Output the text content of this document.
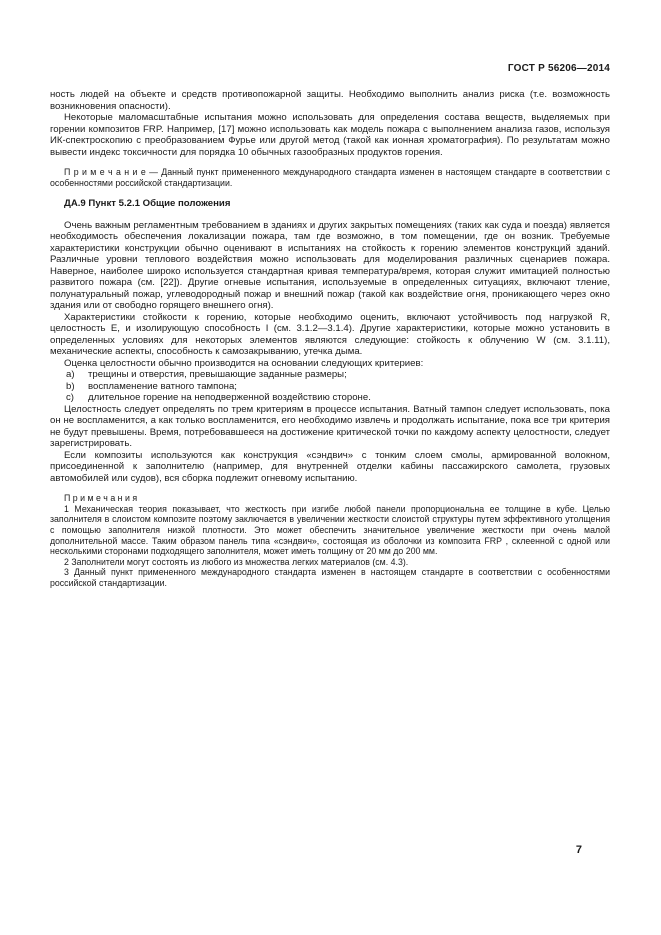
ГОСТ Р 56206—2014

ность людей на объекте и средств противопожарной защиты. Необходимо выполнить анализ риска (т.е. возможность возникновения опасности).

Некоторые маломасштабные испытания можно использовать для определения состава веществ, выделяемых при горении композитов FRP. Например, [17] можно использовать как модель пожара с выполнением анализа газов, используя ИК-спектроскопию с преобразованием Фурье или другой метод (такой как ионная хроматография). По результатам можно вывести индекс токсичности для порядка 10 обычных газообразных продуктов горения.

П р и м е ч а н и е — Данный пункт примененного международного стандарта изменен в настоящем стандарте в соответствии с особенностями российской стандартизации.

ДА.9 Пункт 5.2.1 Общие положения

Очень важным регламентным требованием в зданиях и других закрытых помещениях (таких как суда и поезда) является необходимость обеспечения локализации пожара, там где возможно, в том помещении, где он возник. Требуемые характеристики конструкции обычно оценивают в испытаниях на стойкость к горению элементов конструкций зданий. Различные уровни теплового воздействия можно использовать для моделирования различных сценариев пожара. Наверное, наиболее широко используется стандартная кривая температура/время, которая служит имитацией полностью развитого пожара (см. [22]). Другие огневые испытания, используемые в определенных ситуациях, включают тление, полунатуральный пожар, углеводородный пожар и внешний пожар (такой как воздействие огня, проникающего через окно здания или от свободно горящего внешнего огня).

Характеристики стойкости к горению, которые необходимо оценить, включают устойчивость под нагрузкой R, целостность Е, и изолирующую способность I (см. 3.1.2—3.1.4). Другие характеристики, которые можно установить в определенных условиях для некоторых элементов являются следующие: стойкость к облучению W (см. 3.1.11), механические аспекты, способность к самозакрыванию, утечка дыма.

Оценка целостности обычно производится на основании следующих критериев:

a)	трещины и отверстия, превышающие заданные размеры;
b)	воспламенение ватного тампона;
c)	длительное горение на неподверженной воздействию стороне.

Целостность следует определять по трем критериям в процессе испытания. Ватный тампон следует использовать, пока он не воспламенится, а как только воспламенится, его необходимо извлечь и продолжать испытание, пока все три критерия не будут превышены. Время, потребовавшееся на достижение критической точки по каждому аспекту целостности, следует зарегистрировать.

Если композиты используются как конструкция «сэндвич» с тонким слоем смолы, армированной волокном, присоединенной к заполнителю (например, для внутренней отделки кабины пассажирского самолета, грузовых автомобилей или судов), вся сборка подлежит огневому испытанию.

П р и м е ч а н и я

1 Механическая теория показывает, что жесткость при изгибе любой панели пропорциональна ее толщине в кубе. Целью заполнителя в слоистом композите поэтому заключается в увеличении жесткости слоистой структуры путем эффективного утолщения с помощью заполнителя низкой плотности. Это может обеспечить значительное увеличение жесткости при очень малой дополнительной массе. Таким образом панель типа «сэндвич», состоящая из оболочки из композита FRP , склеенной с одной или несколькими сторонами подходящего заполнителя, может иметь толщину от 20 мм до 200 мм.

2 Заполнители могут состоять из любого из множества легких материалов (см. 4.3).

3 Данный пункт примененного международного стандарта изменен в настоящем стандарте в соответствии с особенностями российской стандартизации.

7
